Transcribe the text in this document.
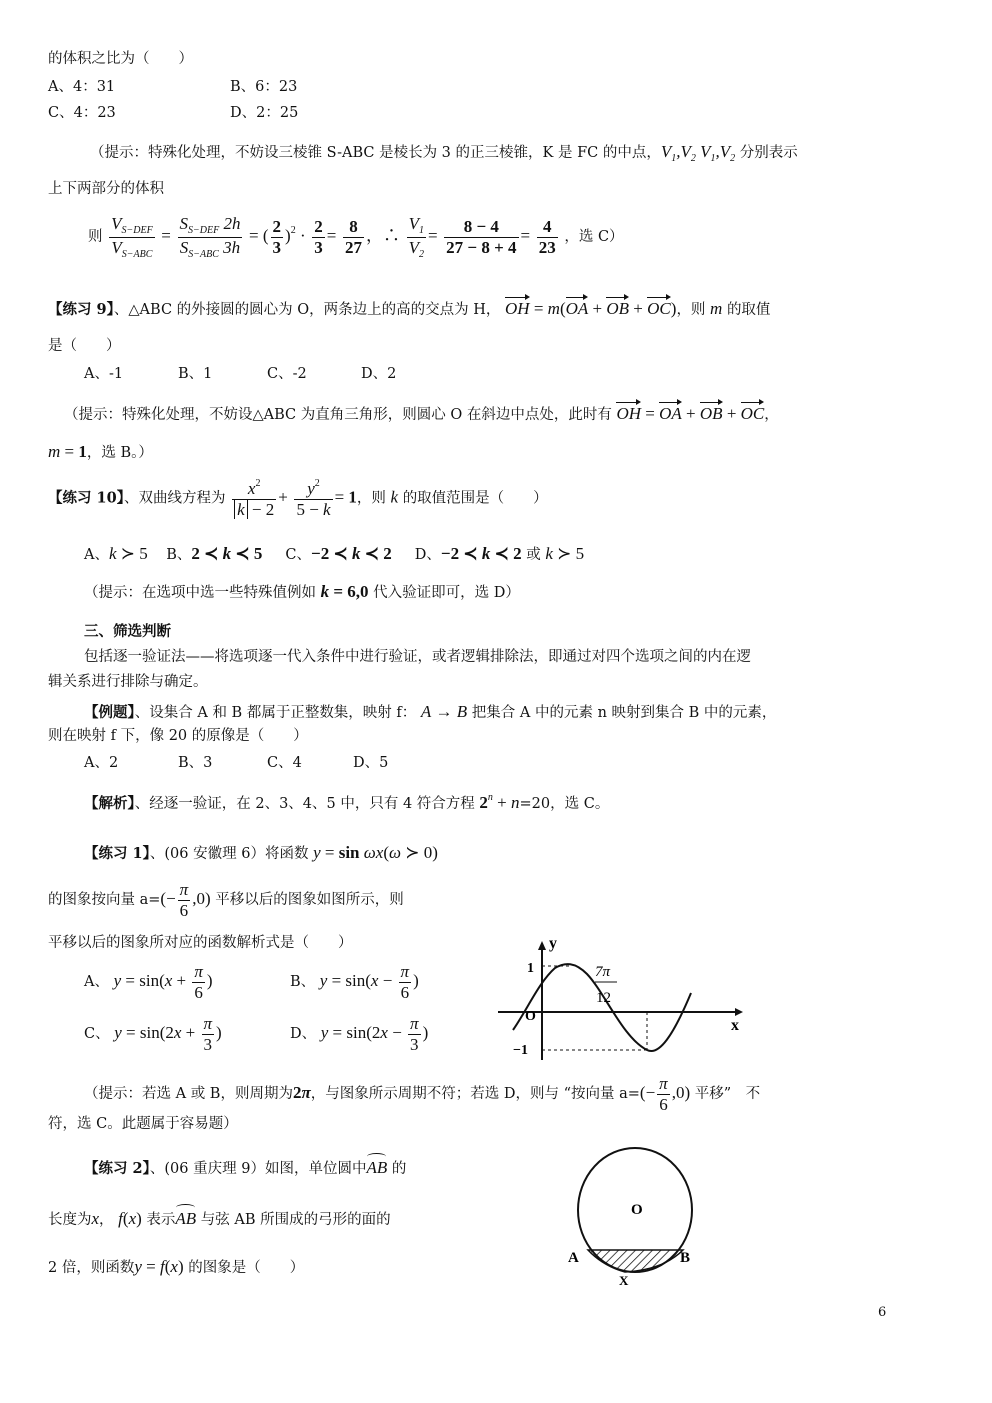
的体积之比为（　　）
A、4：31	B、6：23
C、4：23	D、2：25
（提示：特殊化处理，不妨设三棱锥 S-ABC 是棱长为 3 的正三棱锥，K 是 FC 的中点，$V_1,V_2$ $V_1,V_2$ 分别表示
上下两部分的体积
则 $\frac{V_{S-DEF}}{V_{S-ABC}} = \frac{S_{S-DEF} 2h}{S_{S-ABC} 3h}$ = ( $\frac{2}{3} )^2 \cdot \frac{2}{3} = \frac{8}{27}$ ，∴ $\frac{V_1}{V_2} = \frac{8 - 4}{27 - 8 + 4} = \frac{4}{23}$ ，选 C）
【练习 9】、△ABC 的外接圆的圆心为 O，两条边上的高的交点为 H， OH = m(OA + OB + OC)，则 m 的取值
是（　　）
A、-1	B、1	C、-2	D、2
（提示：特殊化处理，不妨设△ABC 为直角三角形，则圆心 O 在斜边中点处，此时有 OH = OA + OB + OC，
m = 1，选 B。）
【练习 10】、双曲线方程为 $\frac{x^2}{k - 2} + \frac{y^2}{5 - k} = 1$，则 k 的取值范围是（　　）
A、k ≻ 5 B、2 ≺ k ≺ 5 C、−2 ≺ k ≺ 2 D、−2 ≺ k ≺ 2 或 k ≻ 5
（提示：在选项中选一些特殊值例如 k = 6,0 代入验证即可，选 D）
三、筛选判断
包括逐一验证法——将选项逐一代入条件中进行验证，或者逻辑排除法，即通过对四个选项之间的内在逻
辑关系进行排除与确定。
【例题】、设集合 A 和 B 都属于正整数集，映射 f： A → B 把集合 A 中的元素 n 映射到集合 B 中的元素，
则在映射 f 下，像 20 的原像是（　　）
A、2	B、3	C、4	D、5
【解析】、经逐一验证，在 2、3、4、5 中，只有 4 符合方程 $2^n + n=20$，选 C。
【练习 1】、(06 安徽理 6）将函数 y = sin ωx(ω ≻ 0)
的图象按向量 $a=(- \frac{\pi}{6} ,0)$ 平移以后的图象如图所示，则
平移以后的图象所对应的函数解析式是（　　）
A、 $y = \sin(x + \frac{\pi}{6}$ )	B、 $y = \sin(x - \frac{\pi}{6}$ )
C、 $y = \sin(2x + \frac{\pi}{3}$ )	D、 $y = \sin(2x - \frac{\pi}{3}$ )
y
x
O
1
−1
7π
12
（提示：若选 A 或 B，则周期为2π，与图象所示周期不符；若选 D，则与 “按向量 $a=(- \frac{\pi}{6} ,0)$ 平移”　不
符，选 C。此题属于容易题）
【练习 2】、(06 重庆理 9）如图，单位圆中AB 的
长度为x， f(x) 表示AB 与弦 AB 所围成的弓形的面的
2 倍，则函数y = f(x) 的图象是（　　）
O
A	B
X
6
